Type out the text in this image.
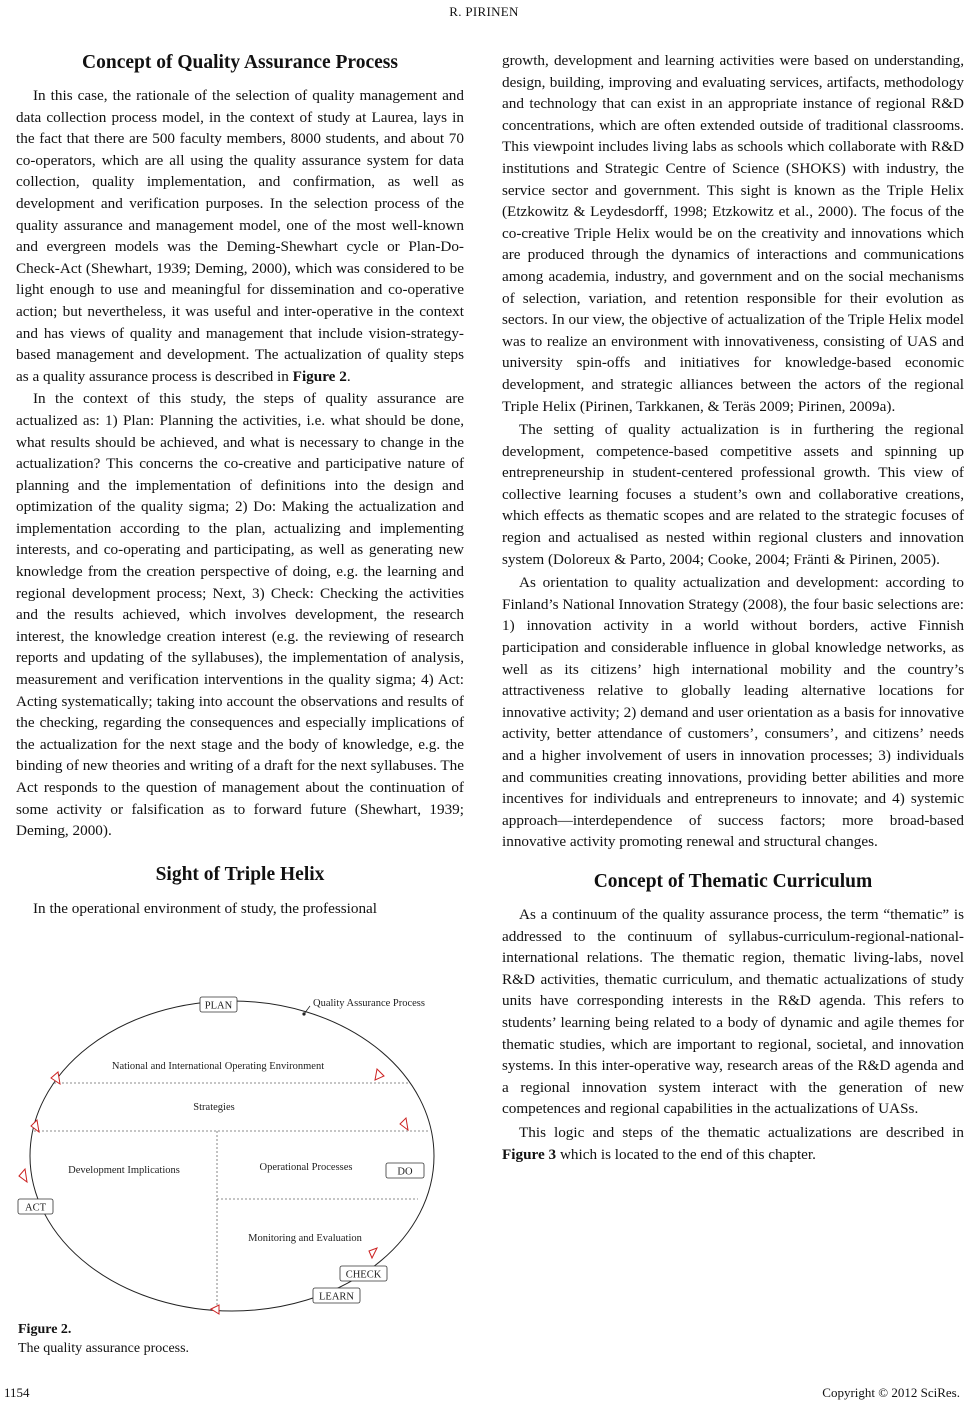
R. PIRINEN
Concept of Quality Assurance Process

In this case, the rationale of the selection of quality management and data collection process model, in the context of study at Laurea, lays in the fact that there are 500 faculty members, 8000 students, and about 70 co-operators, which are all using the quality assurance system for data collection, quality implementation, and confirmation, as well as development and verification purposes. In the selection process of the quality assurance and management model, one of the most well-known and evergreen models was the Deming-Shewhart cycle or Plan-Do-Check-Act (Shewhart, 1939; Deming, 2000), which was considered to be light enough to use and meaningful for dissemination and co-operative action; but nevertheless, it was useful and inter-operative in the context and has views of quality and management that include vision-strategy-based management and development. The actualization of quality steps as a quality assurance process is described in Figure 2.

In the context of this study, the steps of quality assurance are actualized as: 1) Plan: Planning the activities, i.e. what should be done, what results should be achieved, and what is necessary to change in the actualization? This concerns the co-creative and participative nature of planning and the implementation of definitions into the design and optimization of the quality sigma; 2) Do: Making the actualization and implementation according to the plan, actualizing and implementing interests, and co-operating and participating, as well as generating new knowledge from the creation perspective of doing, e.g. the learning and regional development process; Next, 3) Check: Checking the activities and the results achieved, which involves development, the research interest, the knowledge creation interest (e.g. the reviewing of research reports and updating of the syllabuses), the implementation of analysis, measurement and verification interventions in the quality sigma; 4) Act: Acting systematically; taking into account the observations and results of the checking, regarding the consequences and especially implications of the actualization for the next stage and the body of knowledge, e.g. the binding of new theories and writing of a draft for the next syllabuses. The Act responds to the question of management about the continuation of some activity or falsification as to forward future (Shewhart, 1939; Deming, 2000).

Sight of Triple Helix

In the operational environment of study, the professional

PLAN	Quality Assurance Process
National and International Operating Environment
Strategies
Development Implications	Operational Processes	DO
ACT
Monitoring and Evaluation
CHECK
LEARN
Figure 2.
The quality assurance process.

growth, development and learning activities were based on understanding, design, building, improving and evaluating services, artifacts, methodology and technology that can exist in an appropriate instance of regional R&D concentrations, which are often extended outside of traditional classrooms. This viewpoint includes living labs as schools which collaborate with R&D institutions and Strategic Centre of Science (SHOKS) with industry, the service sector and government. This sight is known as the Triple Helix (Etzkowitz & Leydesdorff, 1998; Etzkowitz et al., 2000). The focus of the co-creative Triple Helix would be on the creativity and innovations which are produced through the dynamics of interactions and communications among academia, industry, and government and on the social mechanisms of selection, variation, and retention responsible for their evolution as sectors. In our view, the objective of actualization of the Triple Helix model was to realize an environment with innovativeness, consisting of UAS and university spin-offs and initiatives for knowledge-based economic development, and strategic alliances between the actors of the regional Triple Helix (Pirinen, Tarkkanen, & Teräs 2009; Pirinen, 2009a).

The setting of quality actualization is in furthering the regional development, competence-based competitive assets and spinning up entrepreneurship in student-centered professional growth. This view of collective learning focuses a student’s own and collaborative creations, which effects as thematic scopes and are related to the strategic focuses of region and actualised as nested within regional clusters and innovation system (Doloreux & Parto, 2004; Cooke, 2004; Fränti & Pirinen, 2005).

As orientation to quality actualization and development: according to Finland’s National Innovation Strategy (2008), the four basic selections are: 1) innovation activity in a world without borders, active Finnish participation and considerable influence in global knowledge networks, as well as its citizens’ high international mobility and the country’s attractiveness relative to globally leading alternative locations for innovative activity; 2) demand and user orientation as a basis for innovative activity, better attendance of customers’, consumers’, and citizens’ needs and a higher involvement of users in innovation processes; 3) individuals and communities creating innovations, providing better abilities and more incentives for individuals and entrepreneurs to innovate; and 4) systemic approach—interdependence of success factors; more broad-based innovative activity promoting renewal and structural changes.

Concept of Thematic Curriculum

As a continuum of the quality assurance process, the term “thematic” is addressed to the continuum of syllabus-curriculum-regional-national-international relations. The thematic region, thematic living-labs, novel R&D activities, thematic curriculum, and thematic actualizations of study units have corresponding interests in the R&D agenda. This refers to students’ learning being related to a body of dynamic and agile themes for thematic studies, which are important to regional, societal, and innovation systems. In this inter-operative way, research areas of the R&D agenda and a regional innovation system interact with the generation of new competences and regional capabilities in the actualizations of UASs.

This logic and steps of the thematic actualizations are described in Figure 3 which is located to the end of this chapter.

1154	Copyright © 2012 SciRes.
